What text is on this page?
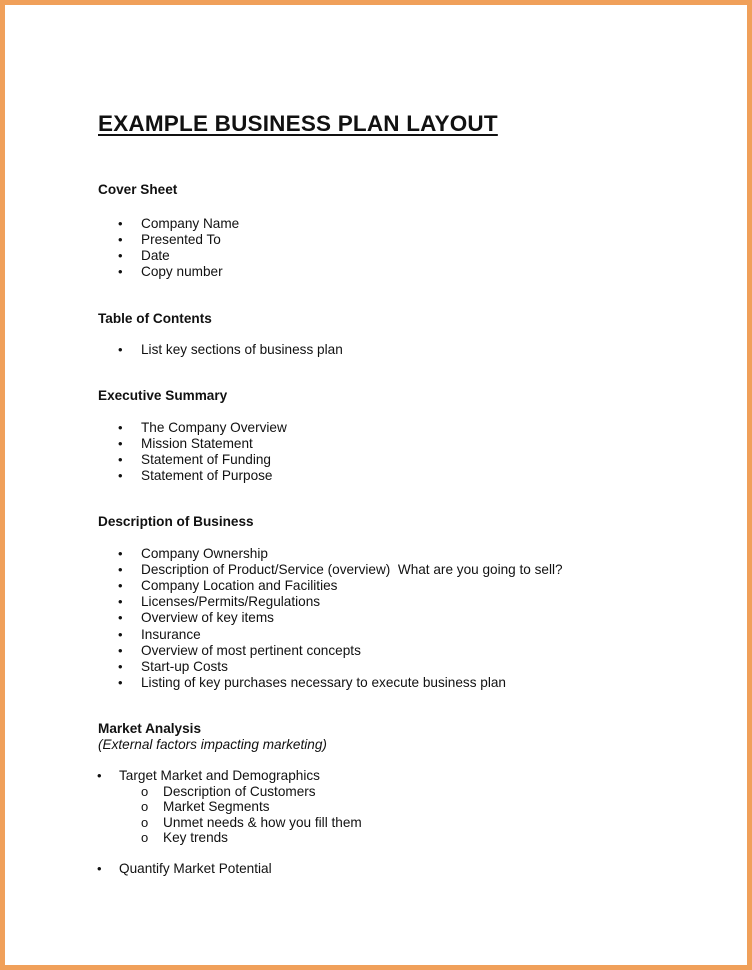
EXAMPLE BUSINESS PLAN LAYOUT
Cover Sheet
• Company Name
• Presented To
• Date
• Copy number
Table of Contents
• List key sections of business plan
Executive Summary
• The Company Overview
• Mission Statement
• Statement of Funding
• Statement of Purpose
Description of Business
• Company Ownership
• Description of Product/Service (overview)  What are you going to sell?
• Company Location and Facilities
• Licenses/Permits/Regulations
• Overview of key items
• Insurance
• Overview of most pertinent concepts
• Start-up Costs
• Listing of key purchases necessary to execute business plan
Market Analysis
(External factors impacting marketing)
• Target Market and Demographics
o Description of Customers
o Market Segments
o Unmet needs & how you fill them
o Key trends
• Quantify Market Potential
